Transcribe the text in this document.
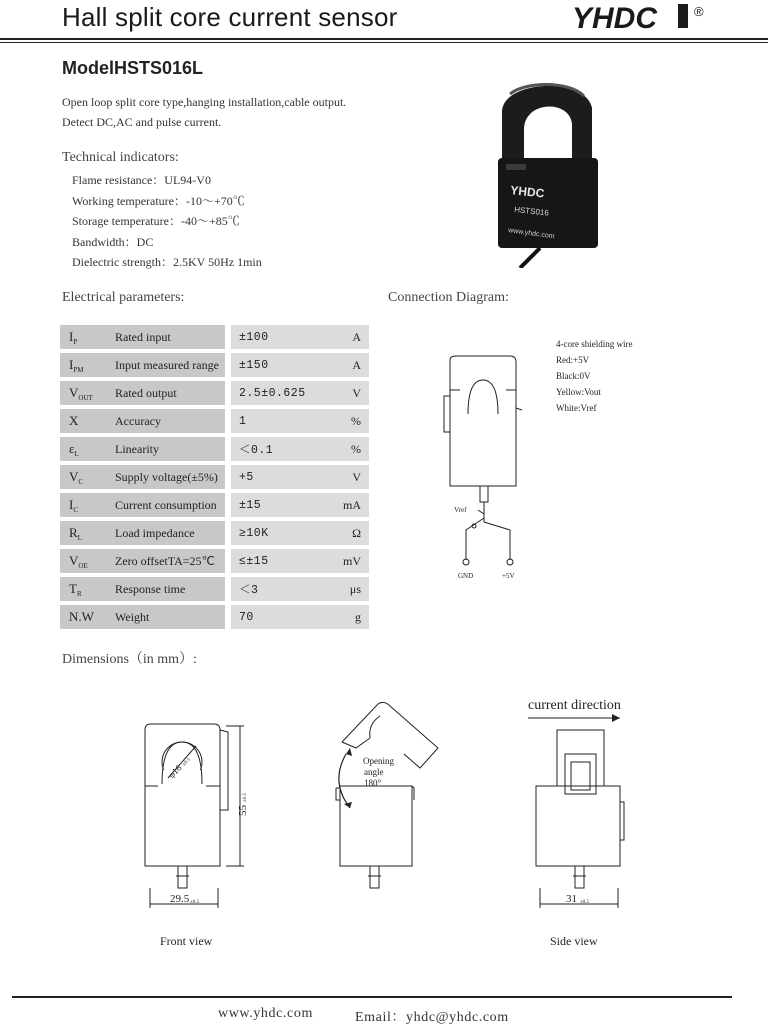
Hall split core current sensor	YHDC	®
ModelHSTS016L
Open loop split core type,hanging installation,cable output.
Detect DC,AC and pulse current.
Technical indicators:
Flame resistance：UL94-V0
Working temperature：-10～+70℃
Storage temperature：-40～+85℃
Bandwidth：DC
Dielectric strength：2.5KV 50Hz 1min
YHDC
HSTS016
www.yhdc.com
Electrical parameters:
$I_P$	Rated input		±100	A
$I_{PM}$	Input measured range		±150	A
$V_{OUT}$	Rated output		2.5±0.625	V
X	Accuracy		1	%
$\varepsilon_L$	Linearity		＜0.1	%
$V_C$	Supply voltage(±5%)		+5	V
$I_C$	Current consumption		±15	mA
$R_L$	Load impedance		≥10K	Ω
$V_{OE}$	Zero offsetTA=25℃		≤±15	mV
$T_R$	Response time		＜3	μs
N.W	Weight		70	g
Connection Diagram:
4-core shielding wire
Red:+5V
Black:0V
Yellow:Vout
White:Vref
Vref
GND	+5V
Dimensions（in mm）:
φ16
±0.5
55
±0.5
29.5 ±0.5
Front view
Opening
angle
180°
current direction
31 ±0.5
Side view
www.yhdc.com	Email：yhdc@yhdc.com
